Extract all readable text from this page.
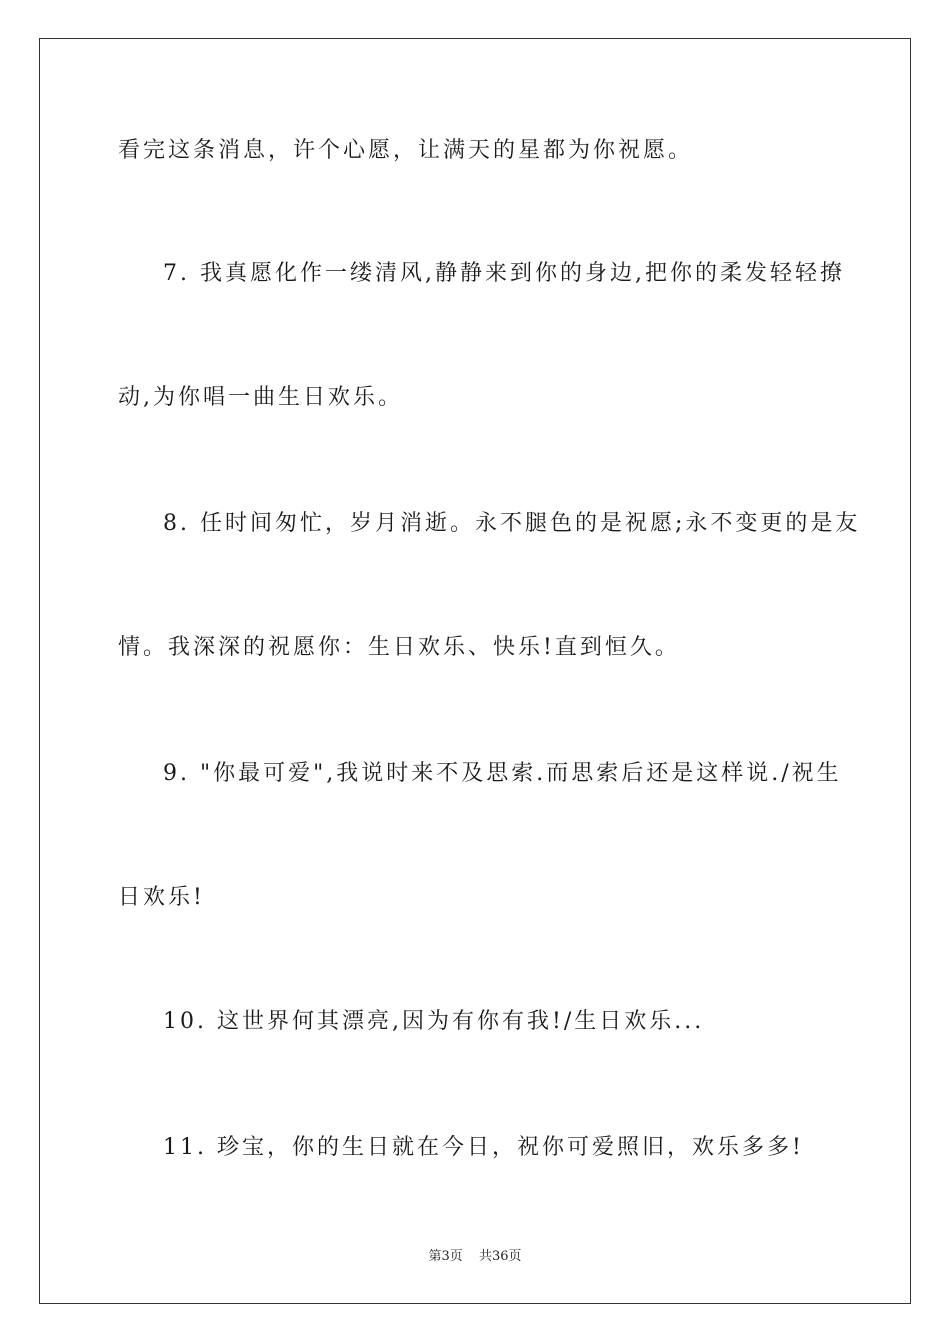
看完这条消息，许个心愿，让满天的星都为你祝愿。
7. 我真愿化作一缕清风,静静来到你的身边,把你的柔发轻轻撩
动,为你唱一曲生日欢乐。
8. 任时间匆忙，岁月消逝。永不腿色的是祝愿;永不变更的是友
情。我深深的祝愿你：生日欢乐、快乐!直到恒久。
9. "你最可爱",我说时来不及思索.而思索后还是这样说./祝生
日欢乐!
10. 这世界何其漂亮,因为有你有我!/生日欢乐...
11. 珍宝，你的生日就在今日，祝你可爱照旧，欢乐多多!
第3页 共36页
